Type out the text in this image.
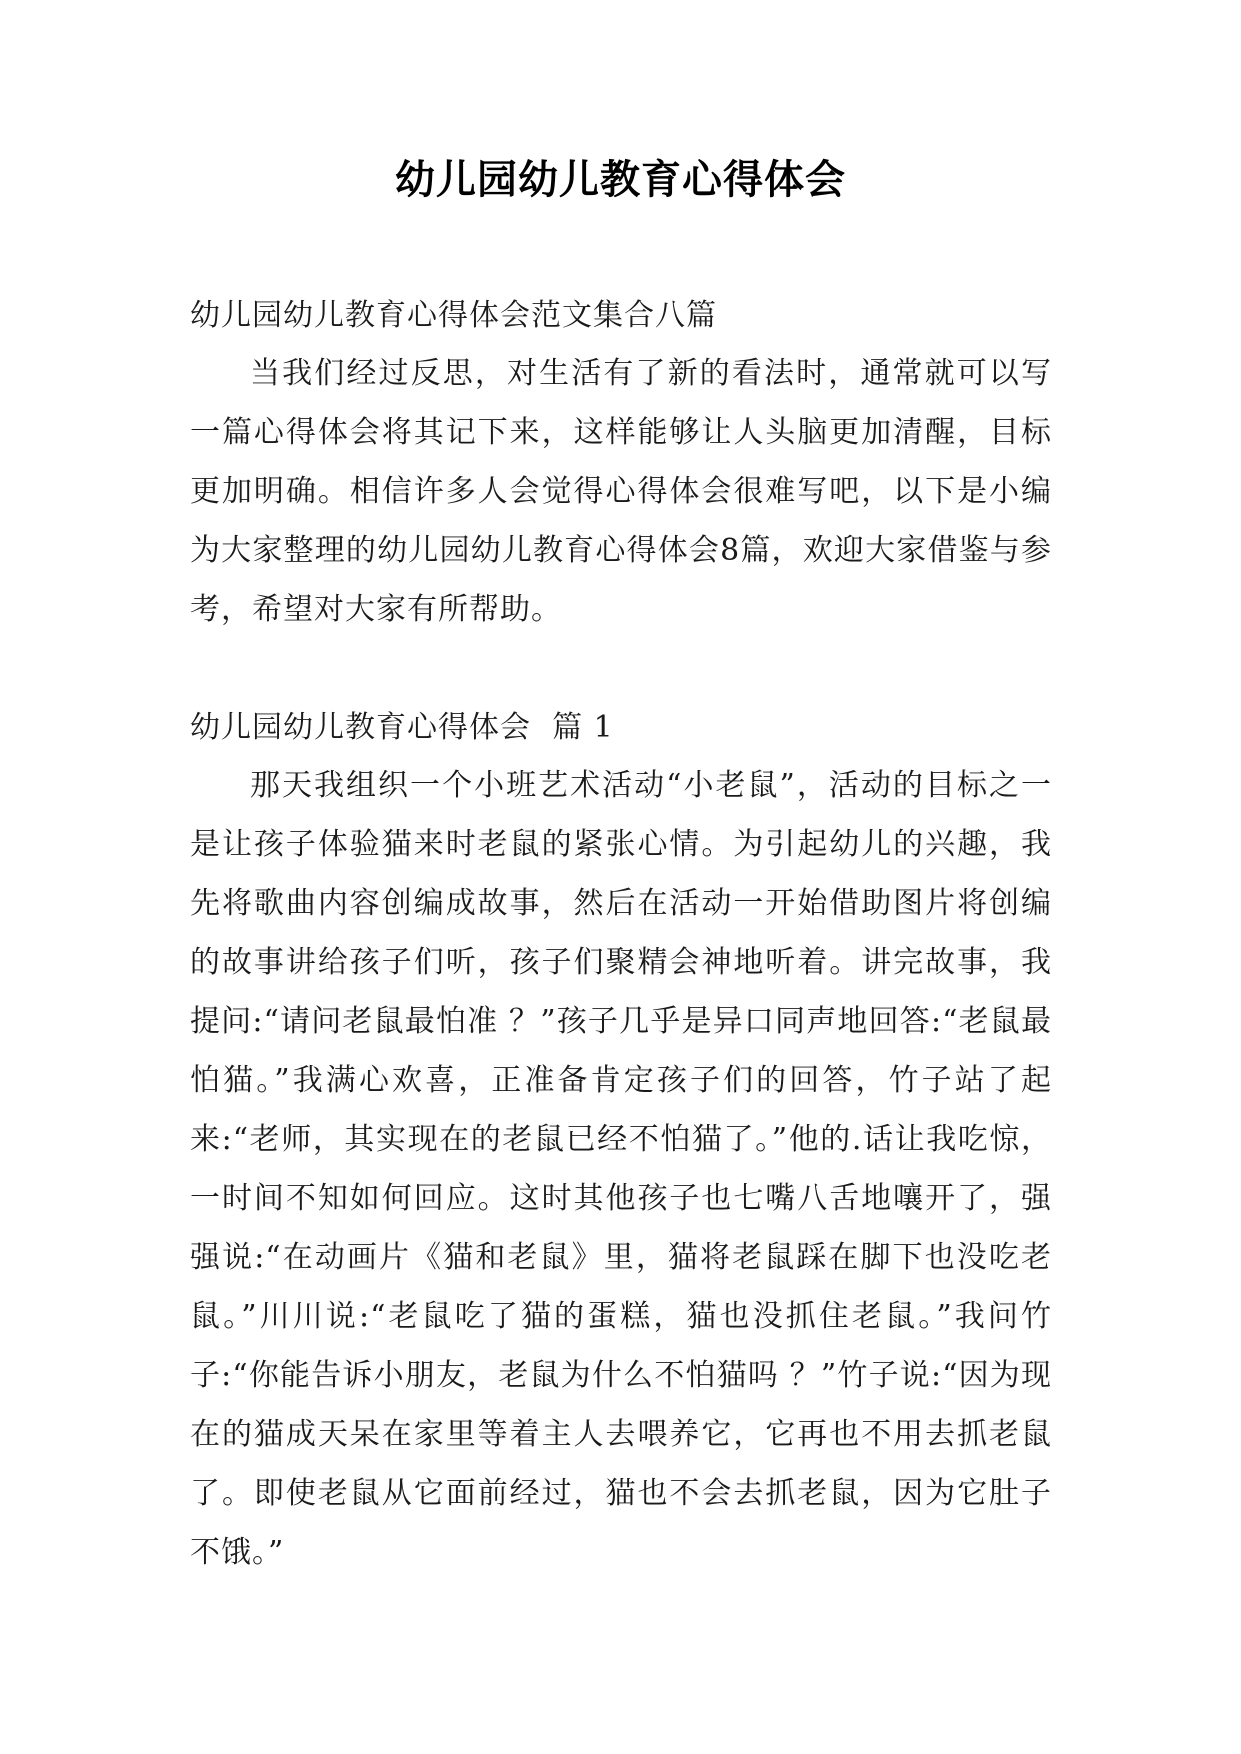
幼儿园幼儿教育心得体会
幼儿园幼儿教育心得体会范文集合八篇

当我们经过反思，对生活有了新的看法时，通常就可以写一篇心得体会将其记下来，这样能够让人头脑更加清醒，目标更加明确。相信许多人会觉得心得体会很难写吧，以下是小编为大家整理的幼儿园幼儿教育心得体会8篇，欢迎大家借鉴与参考，希望对大家有所帮助。

幼儿园幼儿教育心得体会  篇 1

那天我组织一个小班艺术活动“小老鼠”，活动的目标之一是让孩子体验猫来时老鼠的紧张心情。为引起幼儿的兴趣，我先将歌曲内容创编成故事，然后在活动一开始借助图片将创编的故事讲给孩子们听，孩子们聚精会神地听着。讲完故事，我提问:“请问老鼠最怕准 ？”孩子几乎是异口同声地回答:“老鼠最怕猫。”我满心欢喜，正准备肯定孩子们的回答，竹子站了起来:“老师，其实现在的老鼠已经不怕猫了。”他的.话让我吃惊，一时间不知如何回应。这时其他孩子也七嘴八舌地嚷开了，强强说:“在动画片《猫和老鼠》里，猫将老鼠踩在脚下也没吃老鼠。”川川说:“老鼠吃了猫的蛋糕，猫也没抓住老鼠。”我问竹子:“你能告诉小朋友，老鼠为什么不怕猫吗 ？”竹子说:“因为现在的猫成天呆在家里等着主人去喂养它，它再也不用去抓老鼠了。即使老鼠从它面前经过，猫也不会去抓老鼠，因为它肚子不饿。”
